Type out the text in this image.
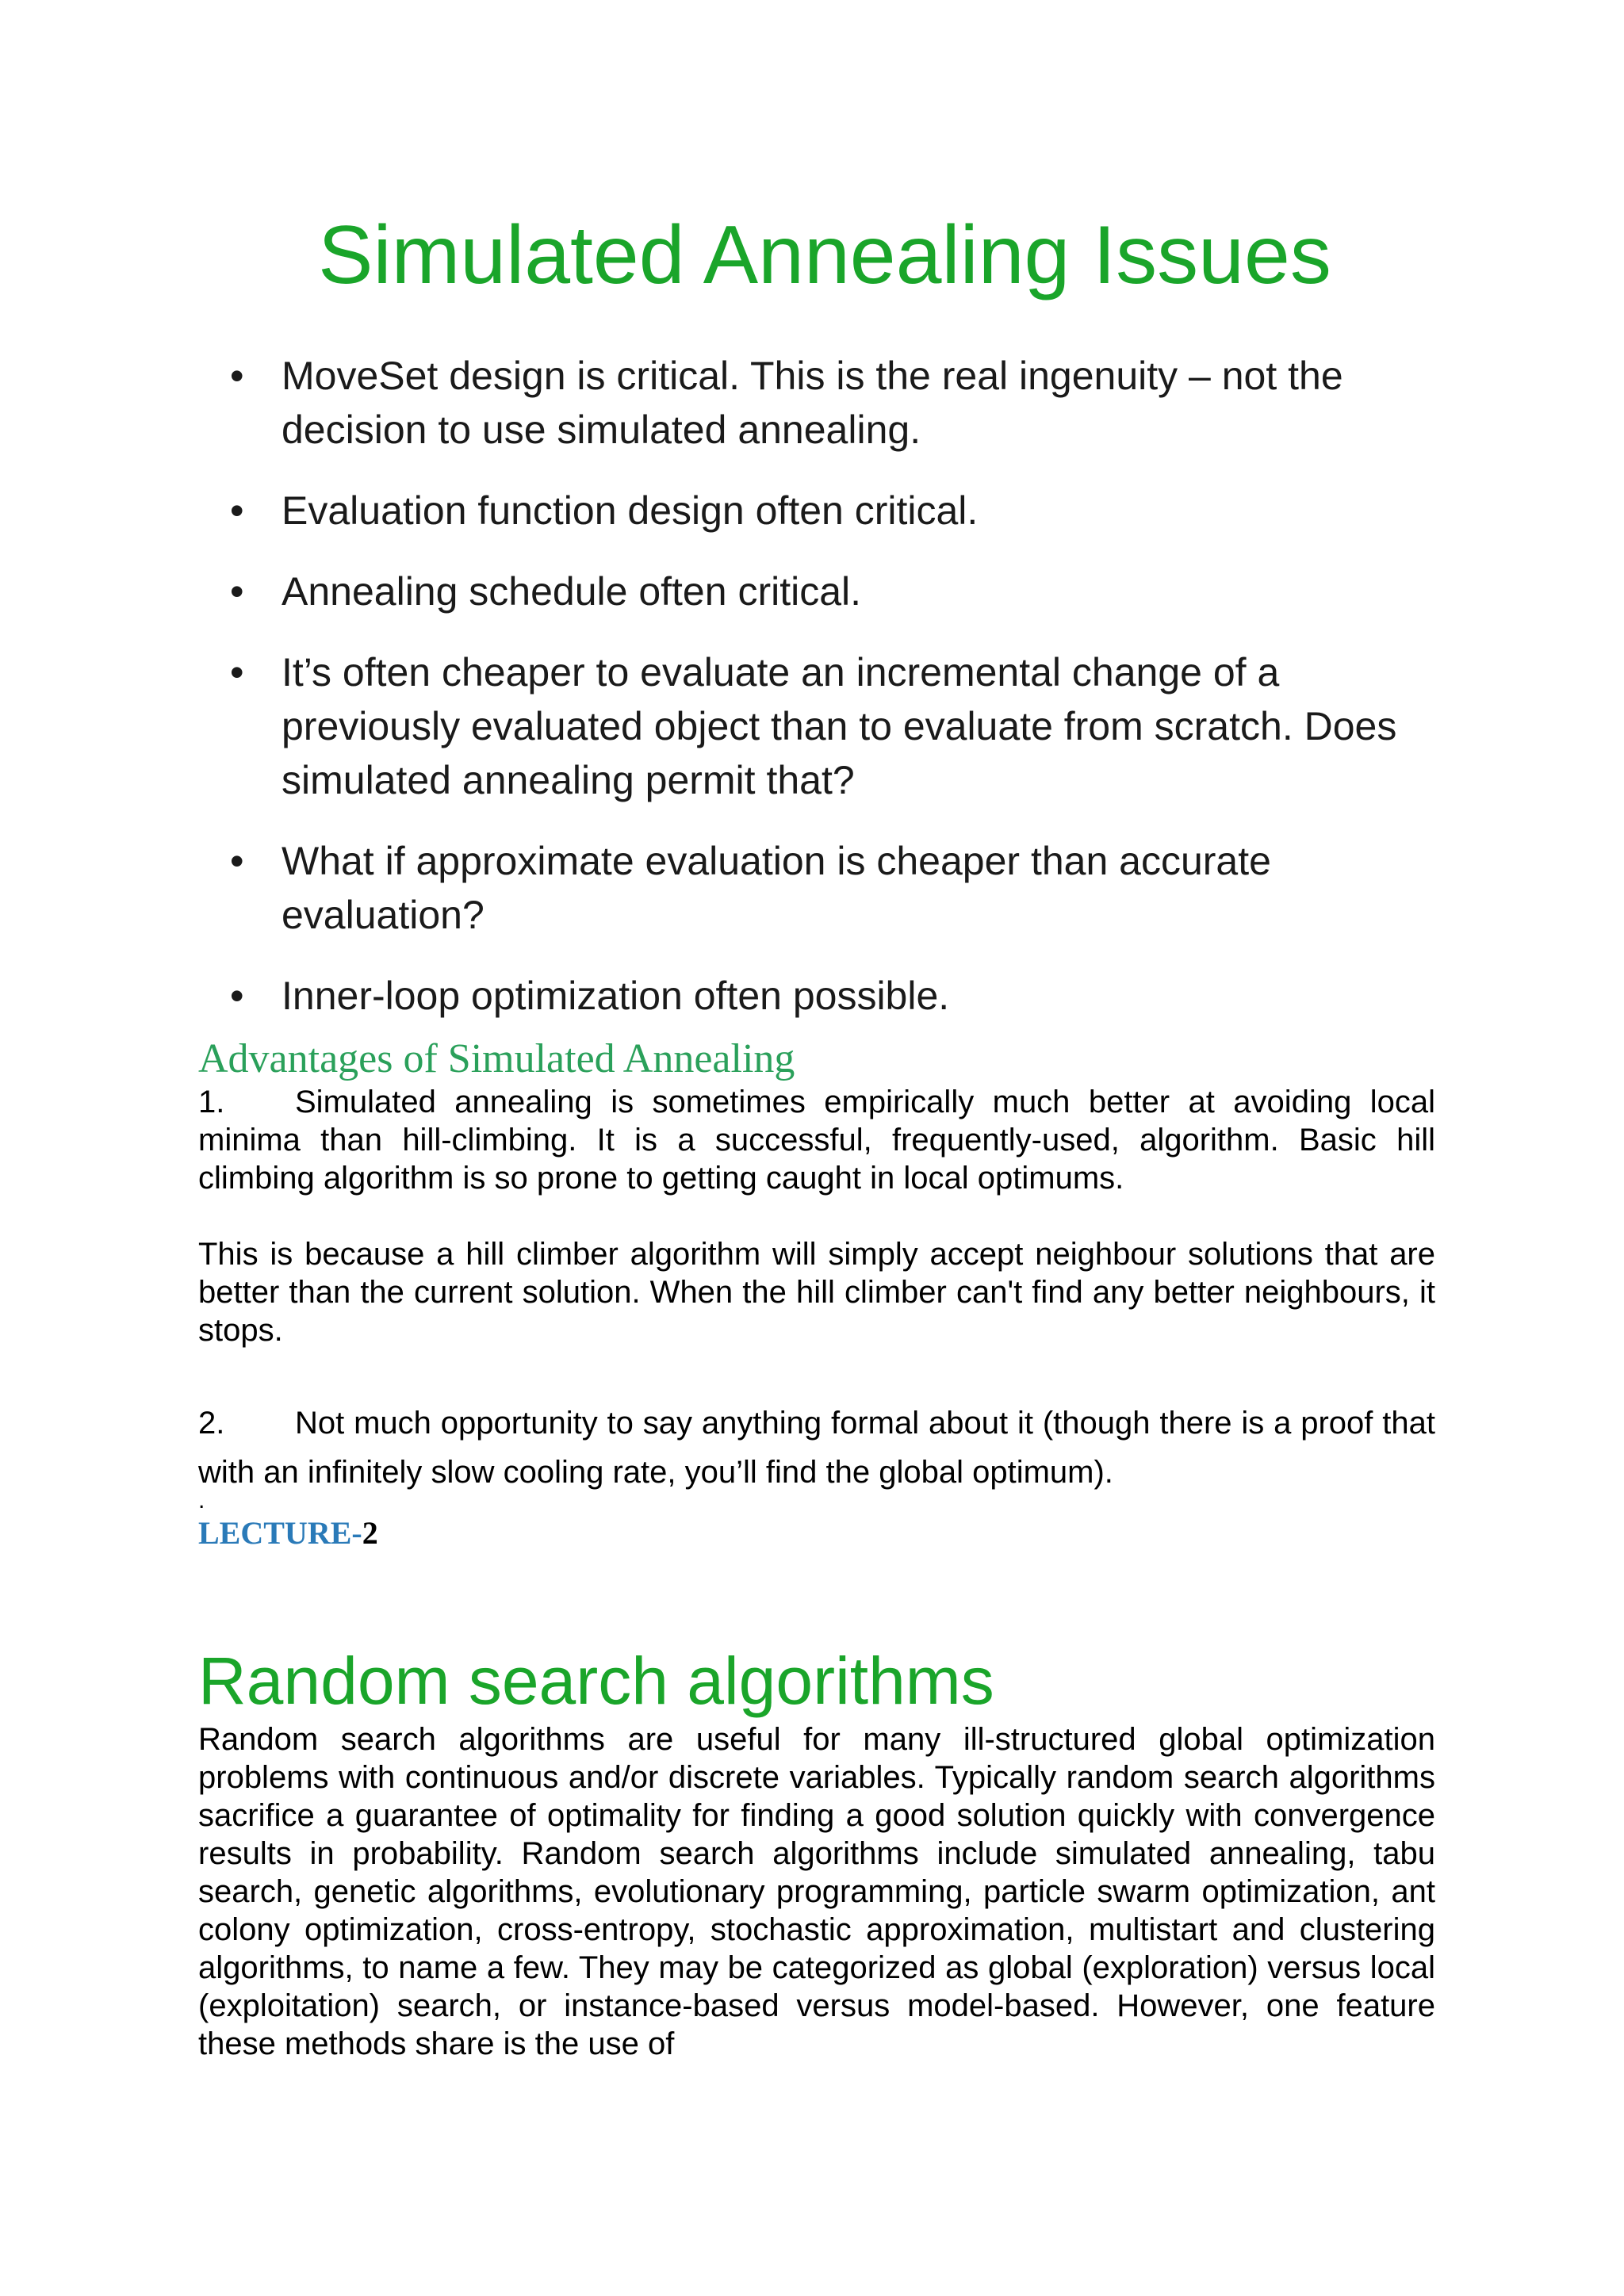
Simulated Annealing Issues
• MoveSet design is critical. This is the real ingenuity – not the decision to use simulated annealing.
• Evaluation function design often critical.
• Annealing schedule often critical.
• It’s often cheaper to evaluate an incremental change of a previously evaluated object than to evaluate from scratch. Does simulated annealing permit that?
• What if approximate evaluation is cheaper than accurate evaluation?
• Inner-loop optimization often possible.
Advantages of Simulated Annealing

1. Simulated annealing is sometimes empirically much better at avoiding local minima than hill-climbing. It is a successful, frequently-used, algorithm. Basic hill climbing algorithm is so prone to getting caught in local optimums.

This is because a hill climber algorithm will simply accept neighbour solutions that are better than the current solution. When the hill climber can't find any better neighbours, it stops.

2. Not much opportunity to say anything formal about it (though there is a proof that with an infinitely slow cooling rate, you’ll find the global optimum).

.

LECTURE-2

Random search algorithms

Random search algorithms are useful for many ill-structured global optimization problems with continuous and/or discrete variables. Typically random search algorithms sacrifice a guarantee of optimality for finding a good solution quickly with convergence results in probability. Random search algorithms include simulated annealing, tabu search, genetic algorithms, evolutionary programming, particle swarm optimization, ant colony optimization, cross-entropy, stochastic approximation, multistart and clustering algorithms, to name a few. They may be categorized as global (exploration) versus local (exploitation) search, or instance-based versus model-based. However, one feature these methods share is the use of
